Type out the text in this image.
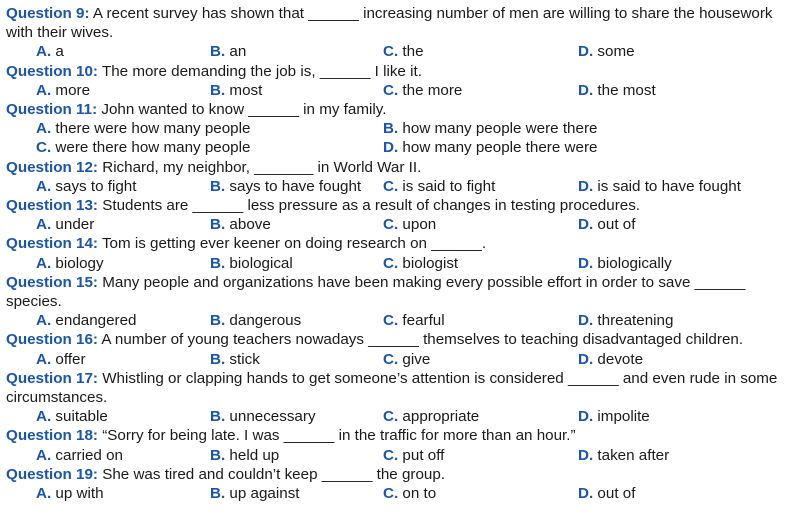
Question 9: A recent survey has shown that ______ increasing number of men are willing to share the housework with their wives.
A. a	B. an	C. the	D. some
Question 10: The more demanding the job is, ______ I like it.
A. more	B. most	C. the more	D. the most
Question 11: John wanted to know ______ in my family.
A. there were how many people	B. how many people were there
C. were there how many people	D. how many people there were
Question 12: Richard, my neighbor, _______ in World War II.
A. says to fight	B. says to have fought C. is said to fight	D. is said to have fought
Question 13: Students are ______ less pressure as a result of changes in testing procedures.
A. under	B. above	C. upon	D. out of
Question 14: Tom is getting ever keener on doing research on ______.
A. biology	B. biological	C. biologist	D. biologically
Question 15: Many people and organizations have been making every possible effort in order to save ______ species.
A. endangered	B. dangerous	C. fearful	D. threatening
Question 16: A number of young teachers nowadays ______ themselves to teaching disadvantaged children.
A. offer	B. stick	C. give	D. devote
Question 17: Whistling or clapping hands to get someone’s attention is considered ______ and even rude in some circumstances.
A. suitable	B. unnecessary	C. appropriate	D. impolite
Question 18: “Sorry for being late. I was ______ in the traffic for more than an hour.”
A. carried on	B. held up	C. put off	D. taken after
Question 19: She was tired and couldn’t keep ______ the group.
A. up with	B. up against	C. on to	D. out of
